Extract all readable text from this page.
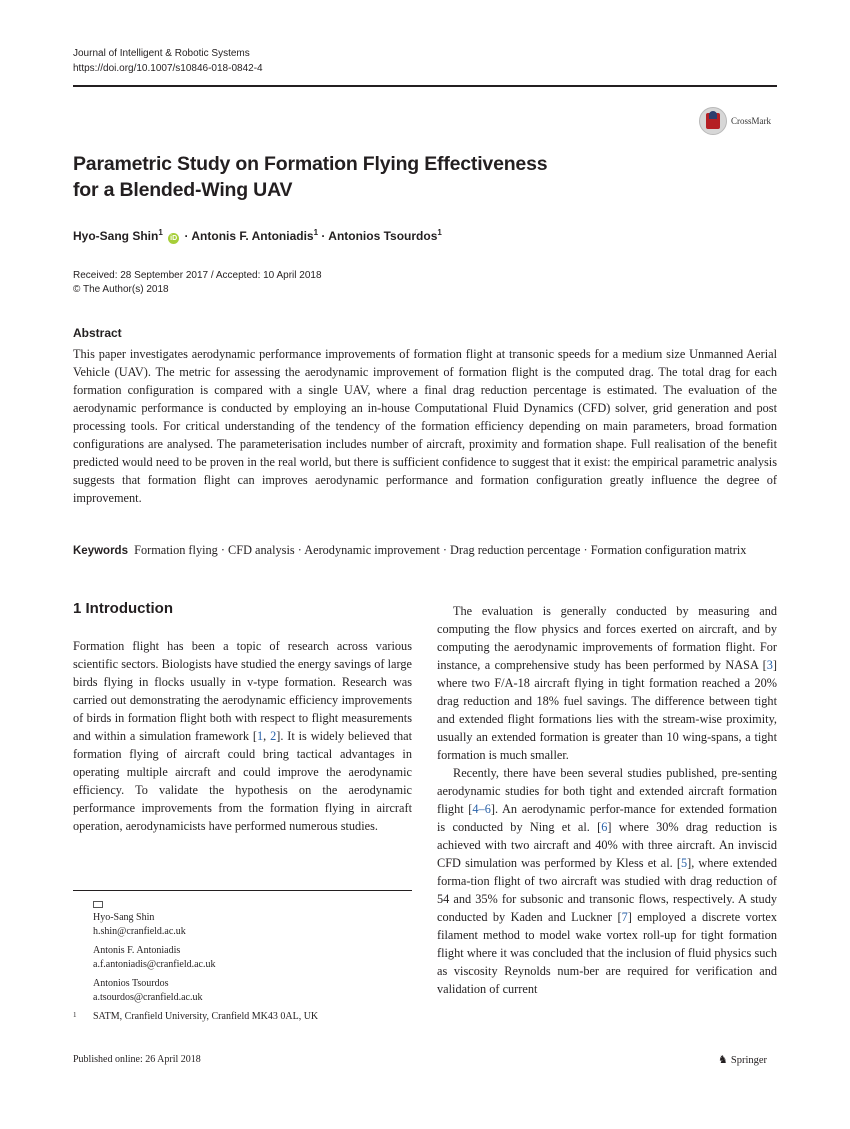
Journal of Intelligent & Robotic Systems
https://doi.org/10.1007/s10846-018-0842-4
CrossMark
Parametric Study on Formation Flying Effectiveness
for a Blended-Wing UAV
Hyo-Sang Shin$^1$ iD · Antonis F. Antoniadis$^1$ · Antonios Tsourdos$^1$
Received: 28 September 2017 / Accepted: 10 April 2018
© The Author(s) 2018
Abstract
This paper investigates aerodynamic performance improvements of formation flight at transonic speeds for a medium size Unmanned Aerial Vehicle (UAV). The metric for assessing the aerodynamic improvement of formation flight is the computed drag. The total drag for each formation configuration is compared with a single UAV, where a final drag reduction percentage is estimated. The evaluation of the aerodynamic performance is conducted by employing an in-house Computational Fluid Dynamics (CFD) solver, grid generation and post processing tools. For critical understanding of the tendency of the formation efficiency depending on main parameters, broad formation configurations are analysed. The parameterisation includes number of aircraft, proximity and formation shape. Full realisation of the benefit predicted would need to be proven in the real world, but there is sufficient confidence to suggest that it exist: the empirical parametric analysis suggests that formation flight can improves aerodynamic performance and formation configuration greatly influence the degree of improvement.
Keywords Formation flying · CFD analysis · Aerodynamic improvement · Drag reduction percentage · Formation configuration matrix
1 Introduction

Formation flight has been a topic of research across various scientific sectors. Biologists have studied the energy savings of large birds flying in flocks usually in v-type formation. Research was carried out demonstrating the aerodynamic efficiency improvements of birds in formation flight both with respect to flight measurements and within a simulation framework [1, 2]. It is widely believed that formation flying of aircraft could bring tactical advantages in operating multiple aircraft and could improve the aerodynamic efficiency. To validate the hypothesis on the aerodynamic performance improvements from the formation flying in aircraft operation, aerodynamicists have performed numerous studies.

The evaluation is generally conducted by measuring and computing the flow physics and forces exerted on aircraft, and by computing the aerodynamic improvements of formation flight. For instance, a comprehensive study has been performed by NASA [3] where two F/A-18 aircraft flying in tight formation reached a 20% drag reduction and 18% fuel savings. The difference between tight and extended flight formations lies with the stream-wise proximity, usually an extended formation is greater than 10 wing-spans, a tight formation is much smaller.

Recently, there have been several studies published, pre-senting aerodynamic studies for both tight and extended aircraft formation flight [4–6]. An aerodynamic perfor-mance for extended formation is conducted by Ning et al. [6] where 30% drag reduction is achieved with two aircraft and 40% with three aircraft. An inviscid CFD simulation was performed by Kless et al. [5], where extended forma-tion flight of two aircraft was studied with drag reduction of 54 and 35% for subsonic and transonic flows, respectively. A study conducted by Kaden and Luckner [7] employed a discrete vortex filament method to model wake vortex roll-up for tight formation flight where it was concluded that the inclusion of fluid physics such as viscosity Reynolds num-ber are required for verification and validation of current

Hyo-Sang Shin
h.shin@cranfield.ac.uk
Antonis F. Antoniadis
a.f.antoniadis@cranfield.ac.uk
Antonios Tsourdos
a.tsourdos@cranfield.ac.uk
1 SATM, Cranfield University, Cranfield MK43 0AL, UK
Published online: 26 April 2018	♞ Springer
